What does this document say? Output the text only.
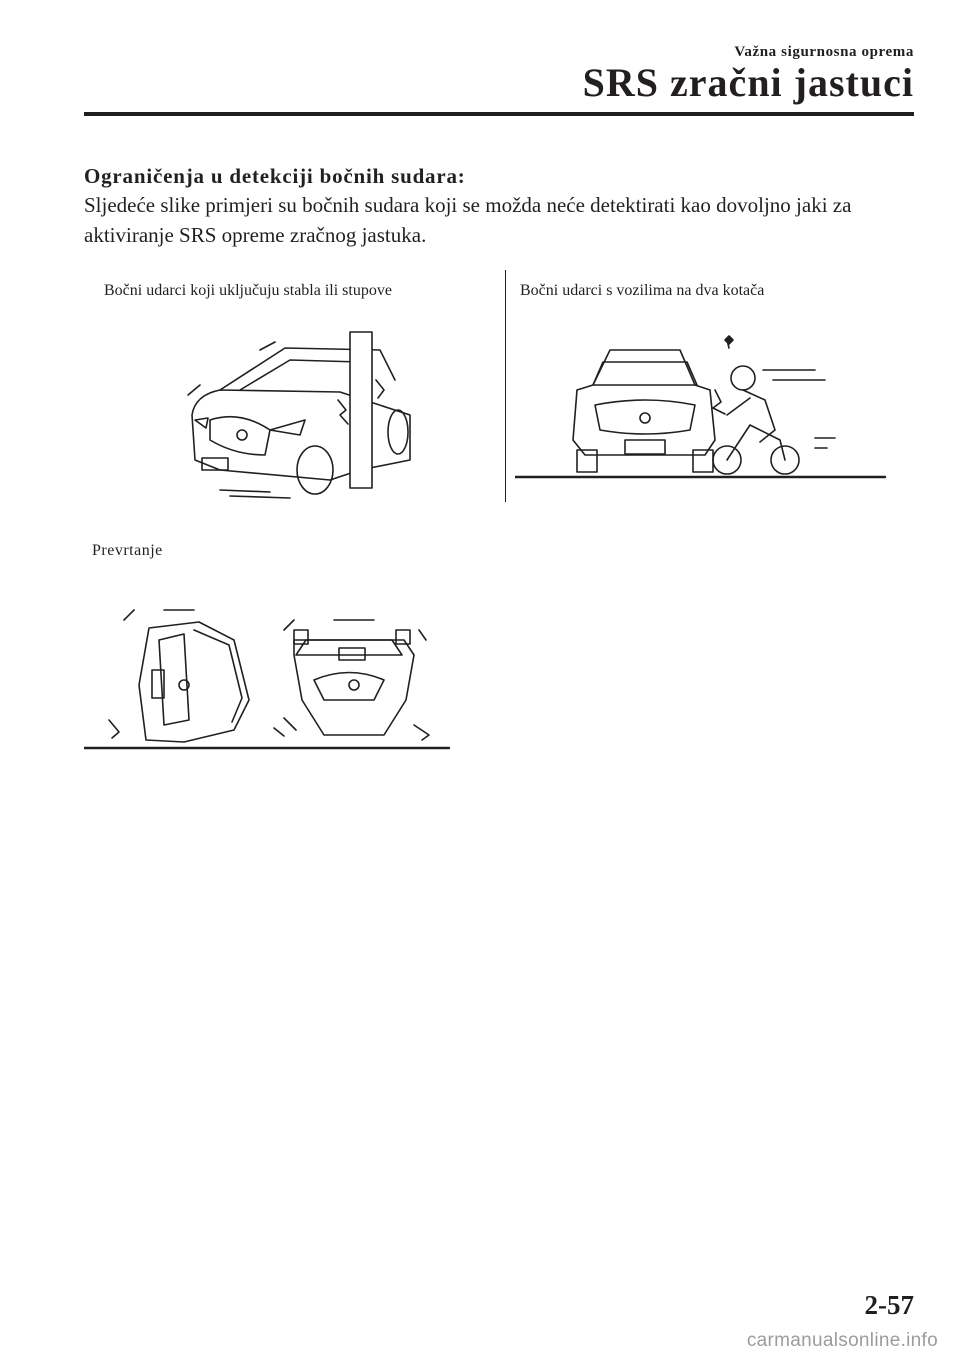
Važna sigurnosna oprema
SRS zračni jastuci
Ograničenja u detekciji bočnih sudara:
Sljedeće slike primjeri su bočnih sudara koji se možda neće detektirati kao dovoljno jaki za aktiviranje SRS opreme zračnog jastuka.
Bočni udarci koji uključuju stabla ili stupove	Bočni udarci s vozilima na dva kotača
Prevrtanje
2-57
carmanualsonline.info
